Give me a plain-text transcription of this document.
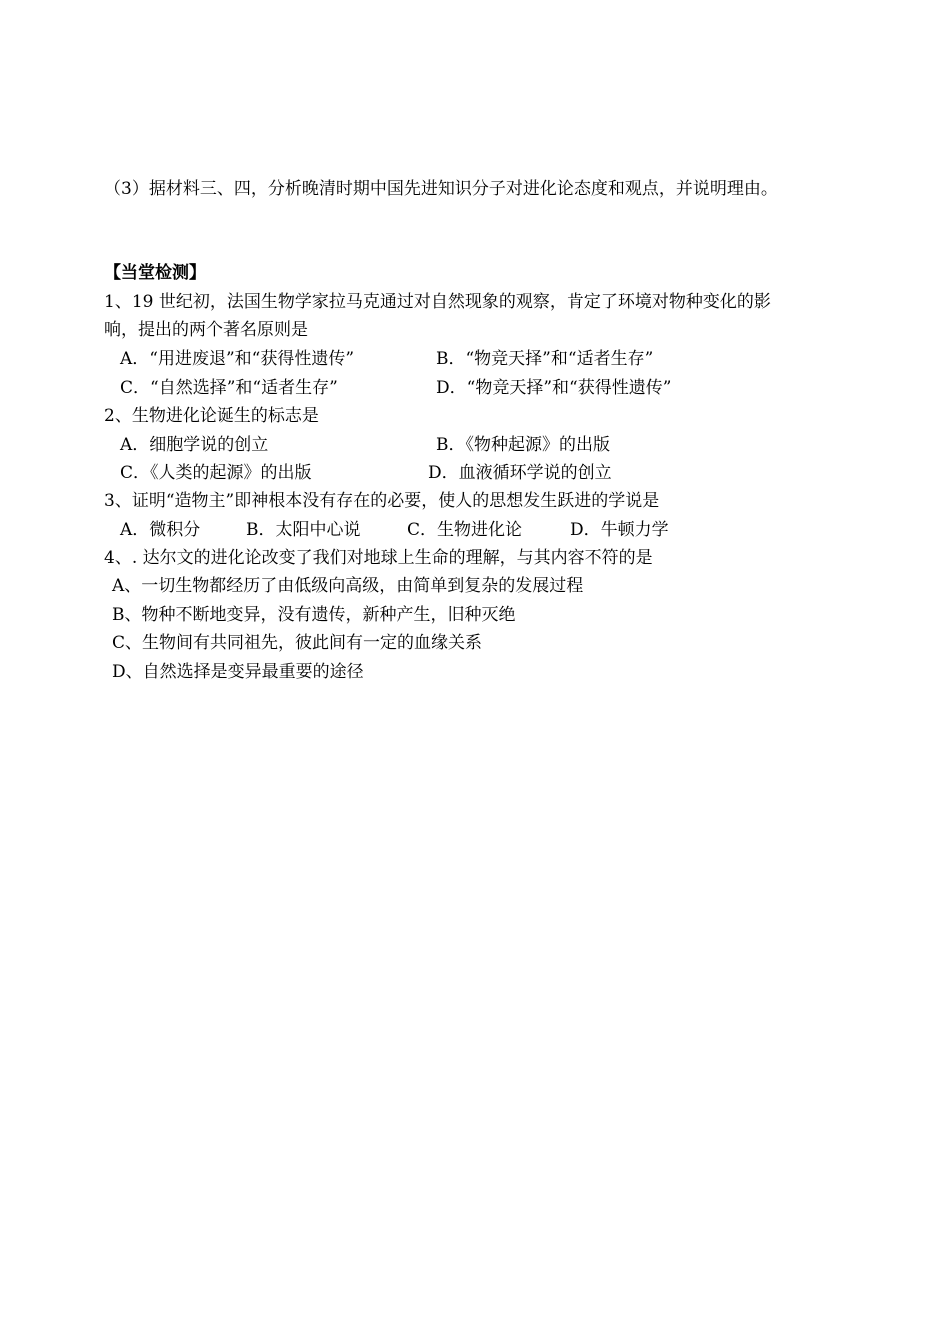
（3）据材料三、四，分析晚清时期中国先进知识分子对进化论态度和观点，并说明理由。
【当堂检测】
1、19 世纪初，法国生物学家拉马克通过对自然现象的观察，肯定了环境对物种变化的影
响，提出的两个著名原则是
A．“用进废退”和“获得性遗传”	B．“物竞天择”和“适者生存”
C．“自然选择”和“适者生存”	D．“物竞天择”和“获得性遗传”
2、生物进化论诞生的标志是
A．细胞学说的创立	B．《物种起源》的出版
C．《人类的起源》的出版	D．血液循环学说的创立
3、证明“造物主”即神根本没有存在的必要，使人的思想发生跃进的学说是
A．微积分	B．太阳中心说	C．生物进化论	D．牛顿力学
4、. 达尔文的进化论改变了我们对地球上生命的理解，与其内容不符的是
A、一切生物都经历了由低级向高级，由简单到复杂的发展过程
B、物种不断地变异，没有遗传，新种产生，旧种灭绝
C、生物间有共同祖先，彼此间有一定的血缘关系
D、自然选择是变异最重要的途径
